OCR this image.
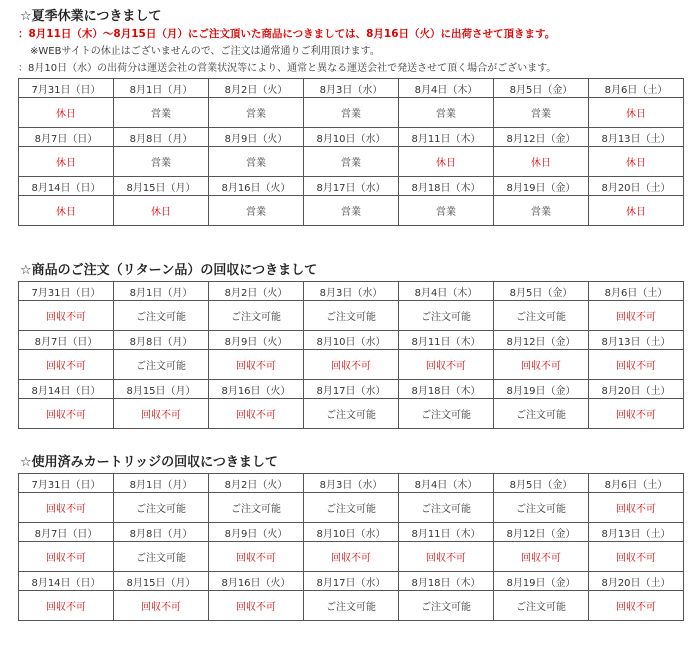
☆夏季休業につきまして
：8月11日（木）～8月15日（月）にご注文頂いた商品につきましては、8月16日（火）に出荷させて頂きます。
※WEBサイトの休止はございませんので、ご注文は通常通りご利用頂けます。
：8月10日（水）の出荷分は運送会社の営業状況等により、通常と異なる運送会社で発送させて頂く場合がございます。
7月31日（日）	8月1日（月）	8月2日（火）	8月3日（水）	8月4日（木）	8月5日（金）	8月6日（土）
休日	営業	営業	営業	営業	営業	休日
8月7日（日）	8月8日（月）	8月9日（火）	8月10日（水）	8月11日（木）	8月12日（金）	8月13日（土）
休日	営業	営業	営業	休日	休日	休日
8月14日（日）	8月15日（月）	8月16日（火）	8月17日（水）	8月18日（木）	8月19日（金）	8月20日（土）
休日	休日	営業	営業	営業	営業	休日
☆商品のご注文（リターン品）の回収につきまして
7月31日（日）	8月1日（月）	8月2日（火）	8月3日（水）	8月4日（木）	8月5日（金）	8月6日（土）
回収不可	ご注文可能	ご注文可能	ご注文可能	ご注文可能	ご注文可能	回収不可
8月7日（日）	8月8日（月）	8月9日（火）	8月10日（水）	8月11日（木）	8月12日（金）	8月13日（土）
回収不可	ご注文可能	回収不可	回収不可	回収不可	回収不可	回収不可
8月14日（日）	8月15日（月）	8月16日（火）	8月17日（水）	8月18日（木）	8月19日（金）	8月20日（土）
回収不可	回収不可	回収不可	ご注文可能	ご注文可能	ご注文可能	回収不可
☆使用済みカートリッジの回収につきまして
7月31日（日）	8月1日（月）	8月2日（火）	8月3日（水）	8月4日（木）	8月5日（金）	8月6日（土）
回収不可	ご注文可能	ご注文可能	ご注文可能	ご注文可能	ご注文可能	回収不可
8月7日（日）	8月8日（月）	8月9日（火）	8月10日（水）	8月11日（木）	8月12日（金）	8月13日（土）
回収不可	ご注文可能	回収不可	回収不可	回収不可	回収不可	回収不可
8月14日（日）	8月15日（月）	8月16日（火）	8月17日（水）	8月18日（木）	8月19日（金）	8月20日（土）
回収不可	回収不可	回収不可	ご注文可能	ご注文可能	ご注文可能	回収不可
